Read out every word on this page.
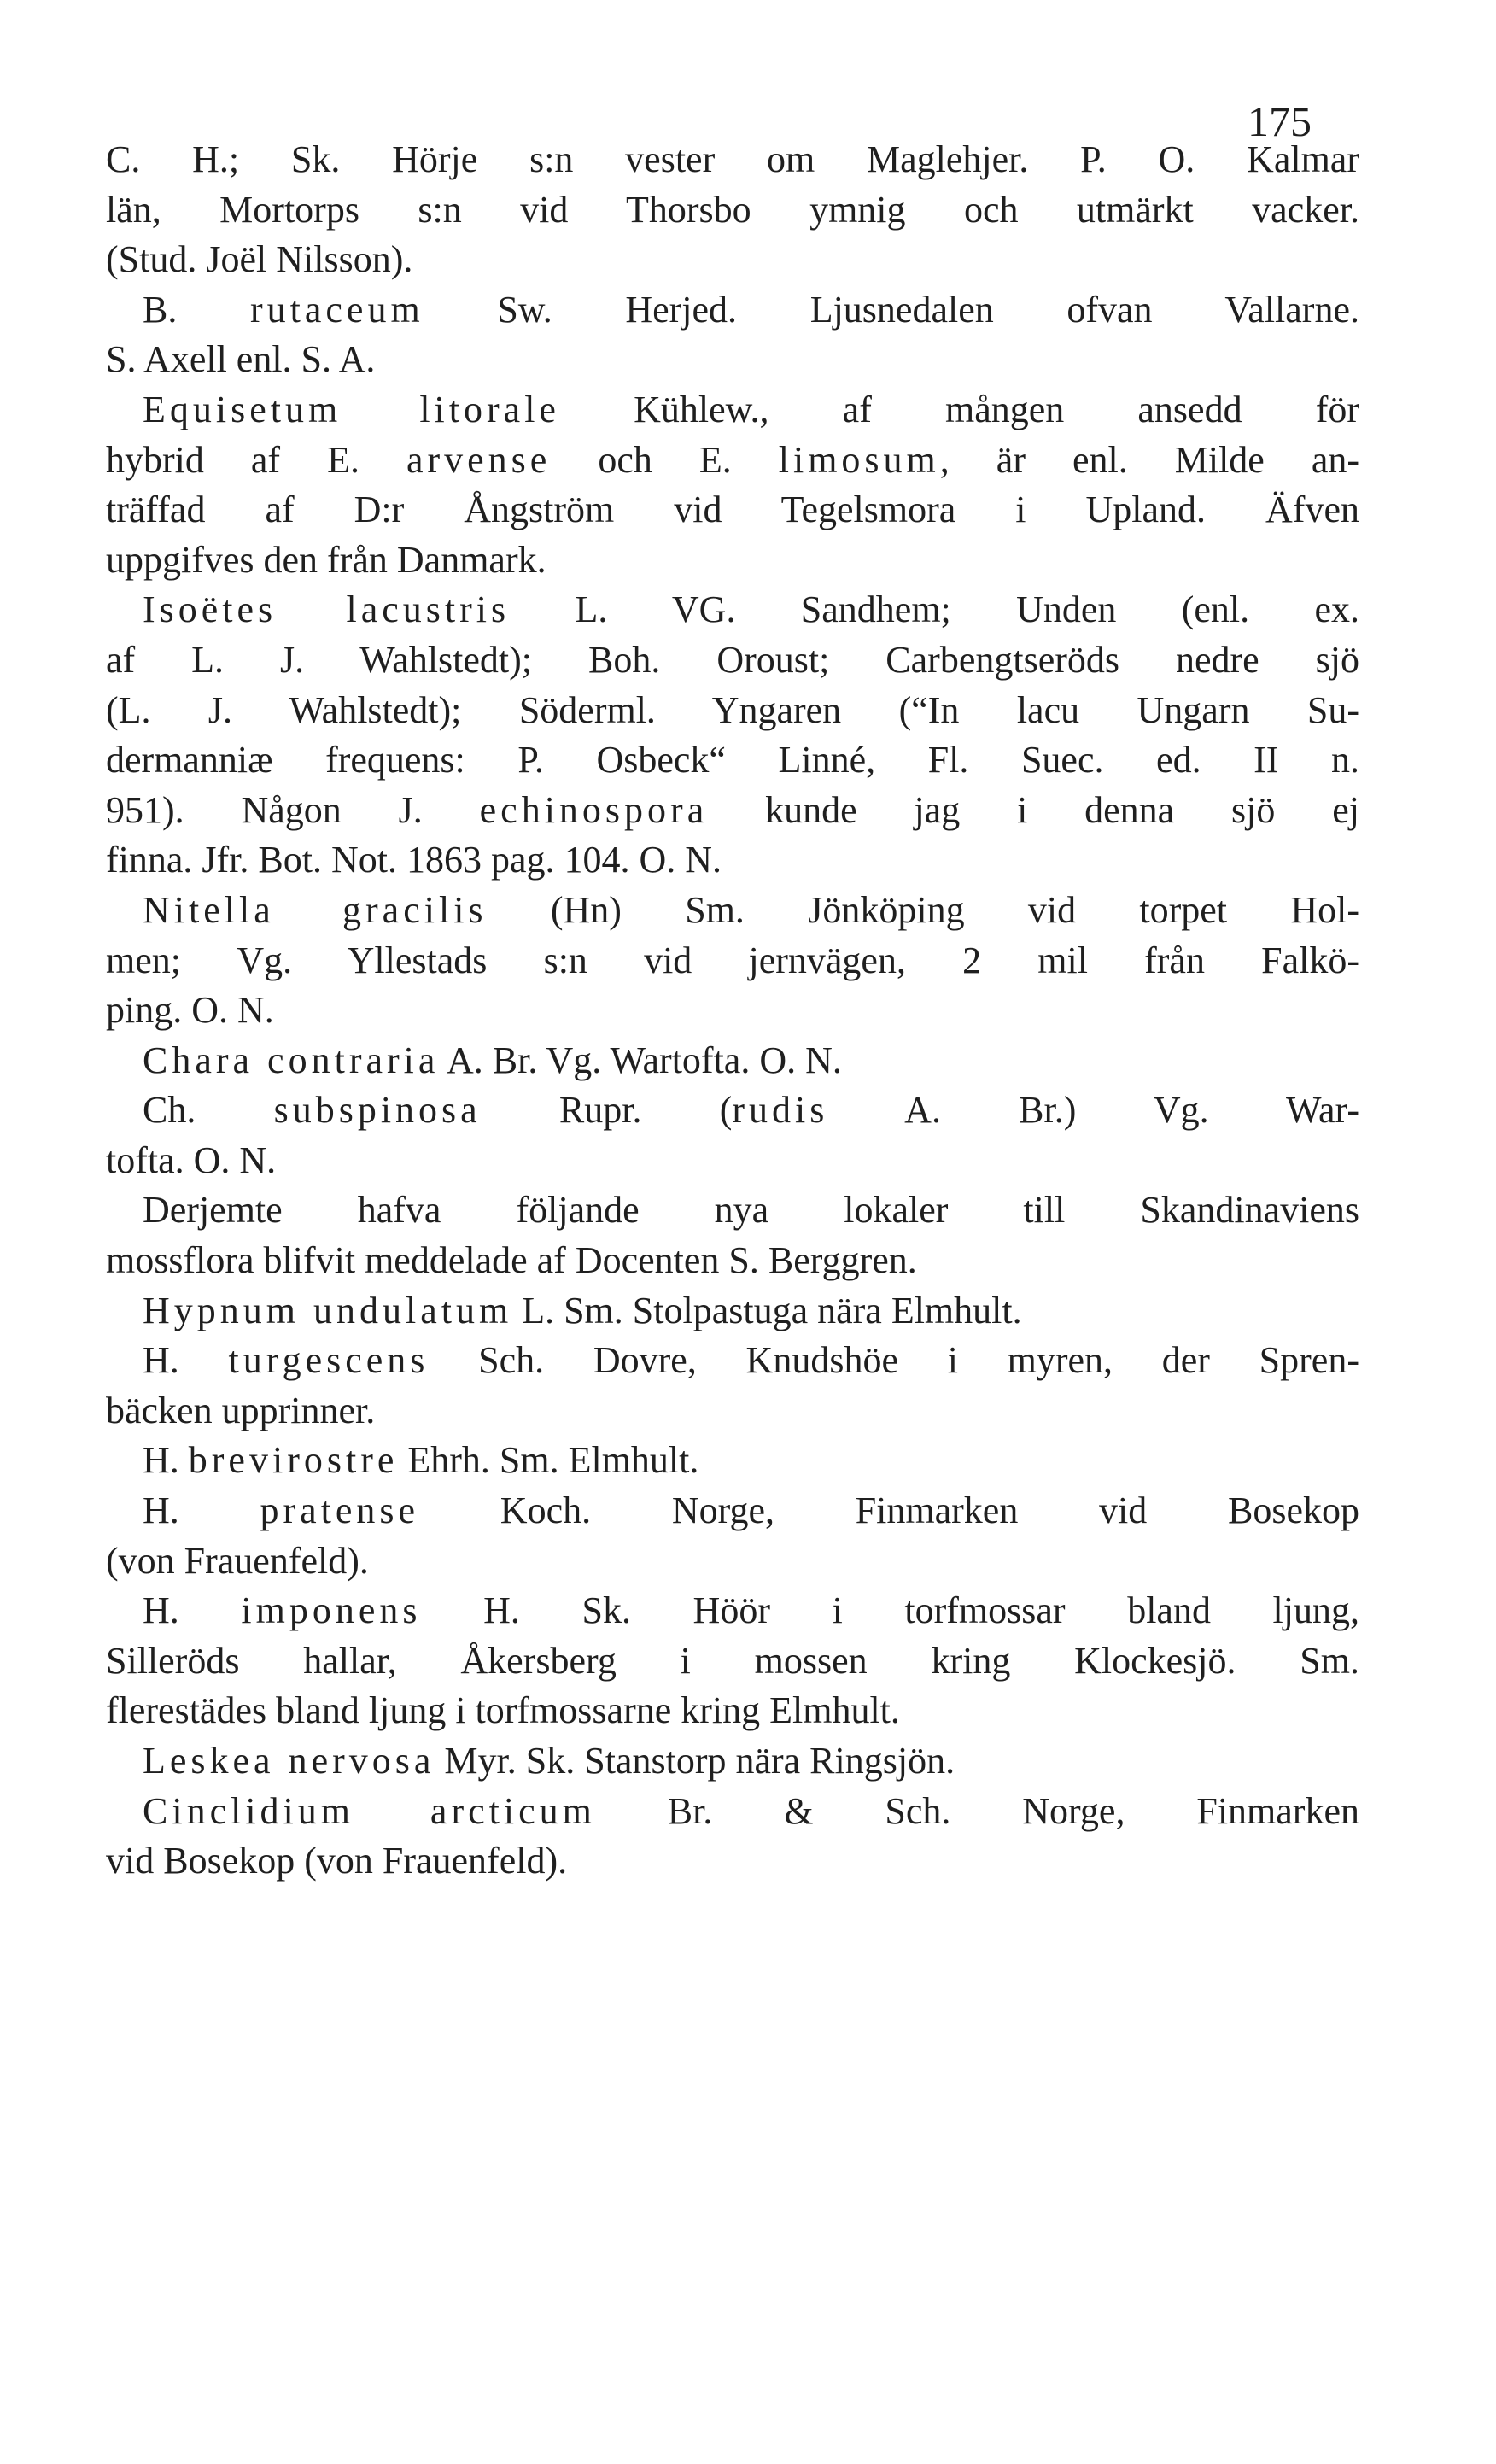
175
C. H.; Sk. Hörje s:n vester om Maglehjer. P. O. Kalmar
län, Mortorps s:n vid Thorsbo ymnig och utmärkt vacker.
(Stud. Joël Nilsson).
B. rutaceum Sw. Herjed. Ljusnedalen ofvan Vallarne.
S. Axell enl. S. A.
Equisetum litorale Kühlew., af mången ansedd för
hybrid af E. arvense och E. limosum, är enl. Milde an-
träffad af D:r Ångström vid Tegelsmora i Upland. Äfven
uppgifves den från Danmark.
Isoëtes lacustris L. VG. Sandhem; Unden (enl. ex.
af L. J. Wahlstedt); Boh. Oroust; Carbengtseröds nedre sjö
(L. J. Wahlstedt); Söderml. Yngaren (“In lacu Ungarn Su-
dermanniæ frequens: P. Osbeck“ Linné, Fl. Suec. ed. II n.
951). Någon J. echinospora kunde jag i denna sjö ej
finna. Jfr. Bot. Not. 1863 pag. 104. O. N.
Nitella gracilis (Hn) Sm. Jönköping vid torpet Hol-
men; Vg. Yllestads s:n vid jernvägen, 2 mil från Falkö-
ping. O. N.
Chara contraria A. Br. Vg. Wartofta. O. N.
Ch. subspinosa Rupr. (rudis A. Br.) Vg. War-
tofta. O. N.
Derjemte hafva följande nya lokaler till Skandinaviens
mossflora blifvit meddelade af Docenten S. Berggren.
Hypnum undulatum L. Sm. Stolpastuga nära Elmhult.
H. turgescens Sch. Dovre, Knudshöe i myren, der Spren-
bäcken upprinner.
H. brevirostre Ehrh. Sm. Elmhult.
H. pratense Koch. Norge, Finmarken vid Bosekop
(von Frauenfeld).
H. imponens H. Sk. Höör i torfmossar bland ljung,
Silleröds hallar, Åkersberg i mossen kring Klockesjö. Sm.
flerestädes bland ljung i torfmossarne kring Elmhult.
Leskea nervosa Myr. Sk. Stanstorp nära Ringsjön.
Cinclidium arcticum Br. & Sch. Norge, Finmarken
vid Bosekop (von Frauenfeld).
